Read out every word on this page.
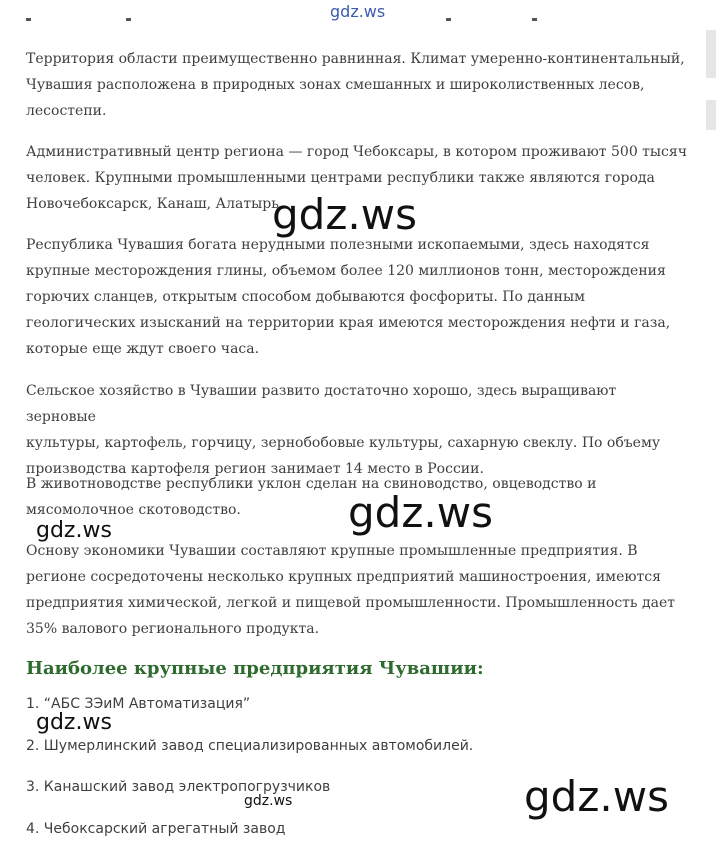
gdz.ws

Территория области преимущественно равнинная. Климат умеренно-континентальный,
Чувашия расположена в природных зонах смешанных и широколиственных лесов,
лесостепи.

Административный центр региона — город Чебоксары, в котором проживают 500 тысяч
человек. Крупными промышленными центрами республики также являются города
Новочебоксарск, Канаш, Алатырь.

Республика Чувашия богата нерудными полезными ископаемыми, здесь находятся
крупные месторождения глины, объемом более 120 миллионов тонн, месторождения
горючих сланцев, открытым способом добываются фосфориты. По данным
геологических изысканий на территории края имеются месторождения нефти и газа,
которые еще ждут своего часа.

Сельское хозяйство в Чувашии развито достаточно хорошо, здесь выращивают зерновые
культуры, картофель, горчицу, зернобобовые культуры, сахарную свеклу. По объему
производства картофеля регион занимает 14 место в России.

В животноводстве республики уклон сделан на свиноводство, овцеводство и
мясомолочное скотоводство.

Основу экономики Чувашии составляют крупные промышленные предприятия. В
регионе сосредоточены несколько крупных предприятий машиностроения, имеются
предприятия химической, легкой и пищевой промышленности. Промышленность дает
35% валового регионального продукта.

Наиболее крупные предприятия Чувашии:

1. “АБС ЗЭиМ Автоматизация”

2. Шумерлинский завод специализированных автомобилей.

3. Канашский завод электропогрузчиков

4. Чебоксарский агрегатный завод

gdz.ws
gdz.ws
gdz.ws
gdz.ws
gdz.ws	gdz.ws
